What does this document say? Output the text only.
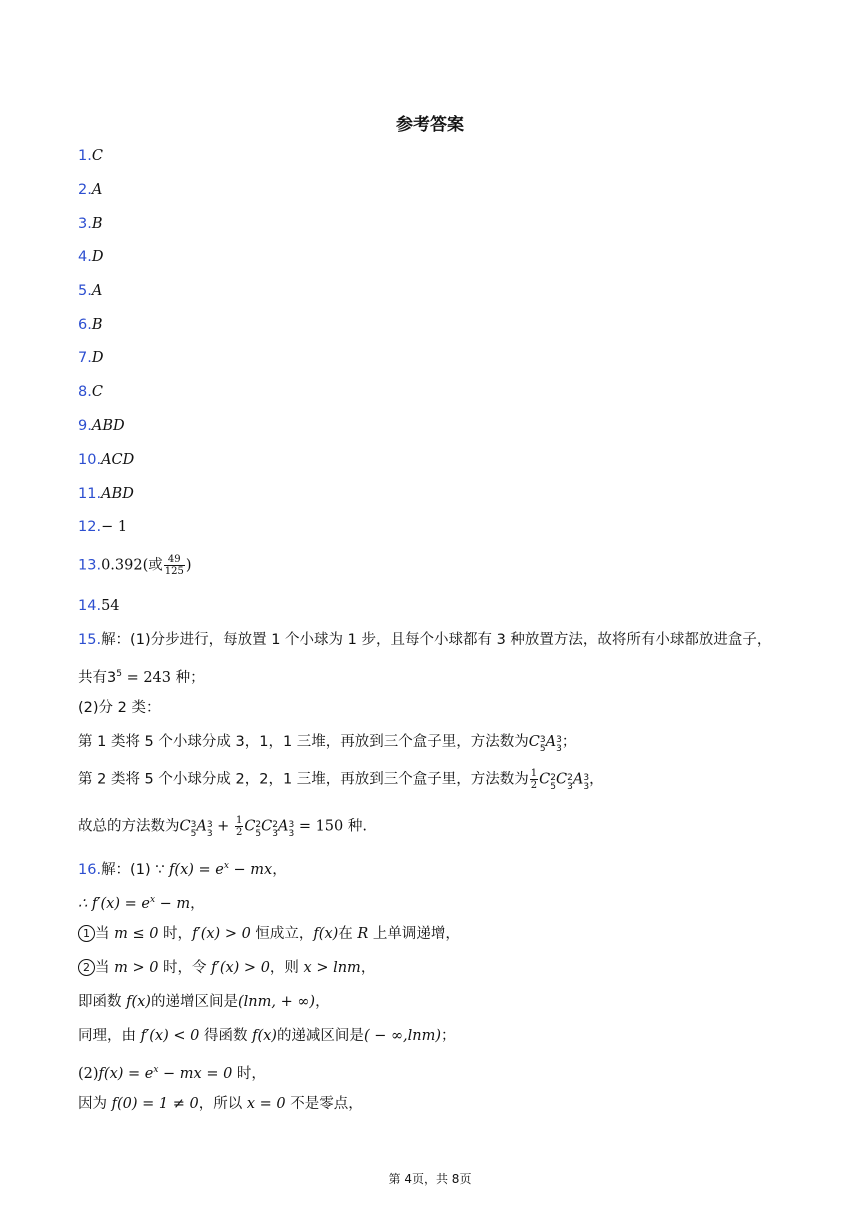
参考答案
1.C
2.A
3.B
4.D
5.A
6.B
7.D
8.C
9.ABD
10.ACD
11.ABD
12.− 1
13.0.392(或 $\frac{49}{125}$ )
14.54
15.解：(1)分步进行，每放置 1 个小球为 1 步，且每个小球都有 3 种放置方法，故将所有小球都放进盒子，
共有$3^5 = 243$ 种；
(2)分 2 类：
第 1 类将 5 个小球分成 3，1，1 三堆，再放到三个盒子里，方法数为C 3
5 A 3
3 ；
第 2 类将 5 个小球分成 2，2，1 三堆，再放到三个盒子里，方法数为 $\frac{1}{2}$ C 2
5 C 2
3 A 3
3 ，
故总的方法数为C 3
5 A 3
$3 + \frac{1}{2}$ C 2
5 C 2
3 A 3
3 = 150 种.
16.解：(1) ∵ $f(x) = e^x$ − mx，
∴ $f'(x) = e^x - m$，
1 当 m ≤ 0 时，f′(x) > 0 恒成立，f(x)在 R 上单调递增，
2 当 m > 0 时，令 f′(x) > 0，则 x > lnm，
即函数 f(x)的递增区间是(lnm, + ∞)，
同理，由 f′(x) < 0 得函数 f(x)的递减区间是( − ∞,lnm)；
$(2)f(x) = e^x$ − mx = 0 时，
因为 f(0) = 1 ≠ 0，所以 x = 0 不是零点，
第 4页，共 8页
